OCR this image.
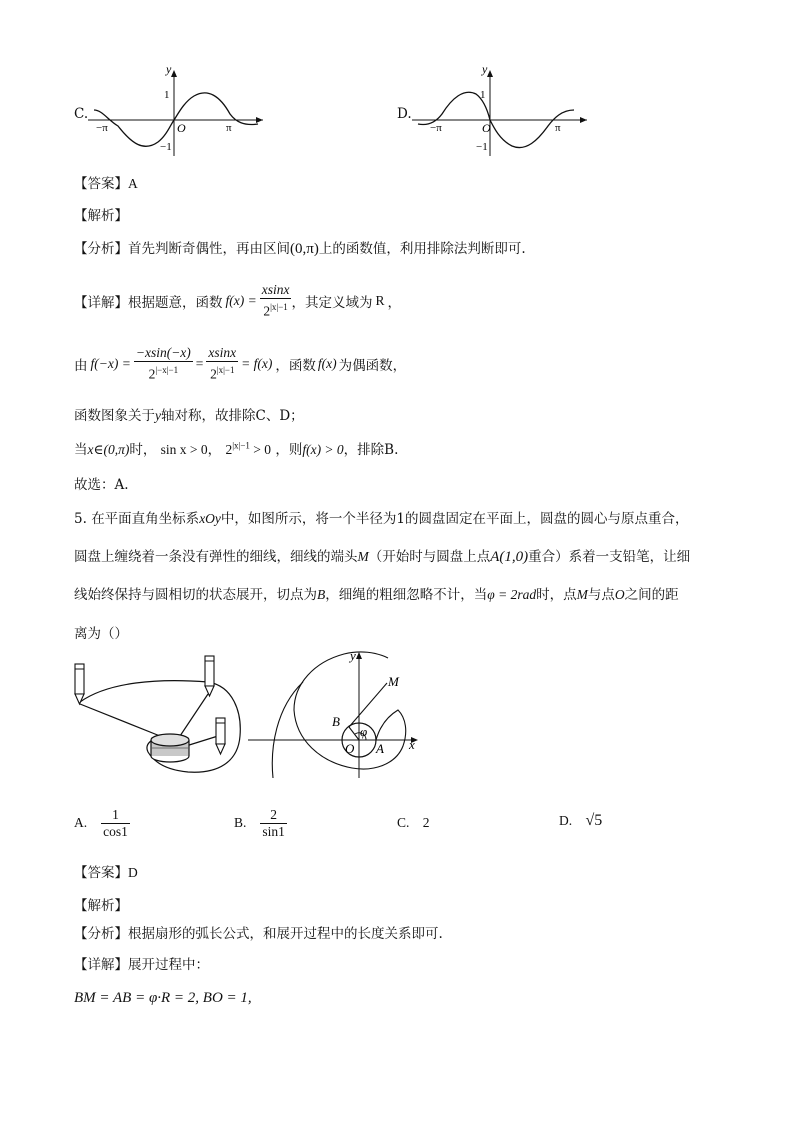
C.
y
1
−1
O
−π	π
D.
y
1
−1
O
−π	π
【答案】A
【解析】
【分析】首先判断奇偶性，再由区间(0,π)上的函数值，利用排除法判断即可.
【详解】 根据题意，函数 $f(x) = \frac{xsinx}{2^{|x|-1}}$ ，其定义域为 R ，
由 $f(-x) = \frac{-xsin(-x)}{2^{|-x|-1}} = \frac{xsinx}{2^{|x|-1}} = f(x)$ ，函数 f(x) 为偶函数，
函数图象关于y轴对称，故排除C、D；
当x∈(0,π)时， sin x > 0， $2^{|x|-1} > 0$ ，则f(x) > 0，排除B.
故选：A.
5. 在平面直角坐标系xOy中，如图所示，将一个半径为1的圆盘固定在平面上，圆盘的圆心与原点重合，
圆盘上缠绕着一条没有弹性的细线，细线的端头M（开始时与圆盘上点A(1,0)重合）系着一支铅笔，让细
线始终保持与圆相切的状态展开，切点为B，细绳的粗细忽略不计，当φ = 2rad时，点M与点O之间的距
离为（）
y
M
B
φ
O A x
A. $\frac{1}{\cos 1}$	B. $\frac{2}{\sin 1}$	C. 2	D. √5
【答案】D
【解析】
【分析】根据扇形的弧长公式，和展开过程中的长度关系即可.
【详解】展开过程中：
BM = AB = φ·R = 2, BO = 1,
